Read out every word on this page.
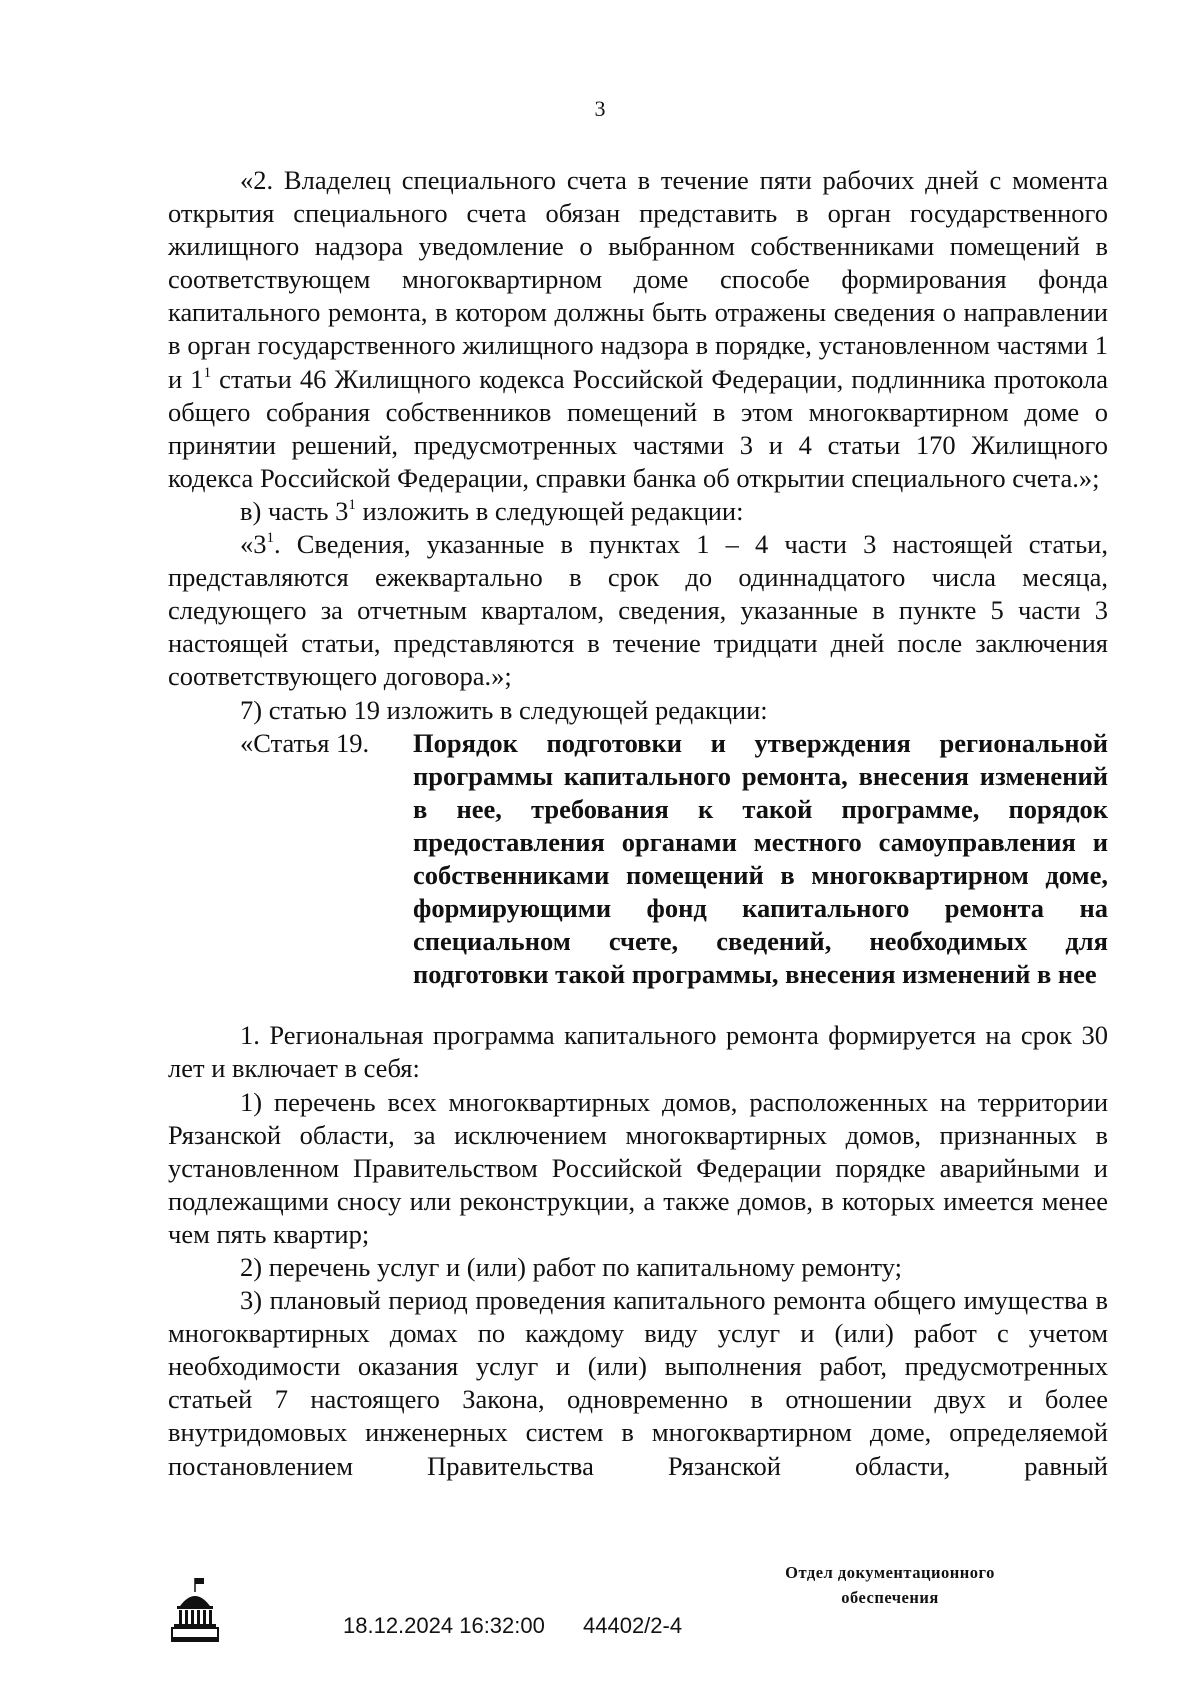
3

«2. Владелец специального счета в течение пяти рабочих дней с момента открытия специального счета обязан представить в орган государственного жилищного надзора уведомление о выбранном собственниками помещений в соответствующем многоквартирном доме способе формирования фонда капитального ремонта, в котором должны быть отражены сведения о направлении в орган государственного жилищного надзора в порядке, установленном частями 1 и $1^1$ статьи 46 Жилищного кодекса Российской Федерации, подлинника протокола общего собрания собственников помещений в этом многоквартирном доме о принятии решений, предусмотренных частями 3 и 4 статьи 170 Жилищного кодекса Российской Федерации, справки банка об открытии специального счета.»;

в) часть $3^1$ изложить в следующей редакции:

«$3^1$. Сведения, указанные в пунктах 1 – 4 части 3 настоящей статьи, представляются ежеквартально в срок до одиннадцатого числа месяца, следующего за отчетным кварталом, сведения, указанные в пункте 5 части 3 настоящей статьи, представляются в течение тридцати дней после заключения соответствующего договора.»;

7) статью 19 изложить в следующей редакции:

«Статья 19.	Порядок подготовки и утверждения региональной программы капитального ремонта, внесения изменений в нее, требования к такой программе, порядок предоставления органами местного самоуправления и собственниками помещений в многоквартирном доме, формирующими фонд капитального ремонта на специальном счете, сведений, необходимых для подготовки такой программы, внесения изменений в нее

1. Региональная программа капитального ремонта формируется на срок 30 лет и включает в себя:

1) перечень всех многоквартирных домов, расположенных на территории Рязанской области, за исключением многоквартирных домов, признанных в установленном Правительством Российской Федерации порядке аварийными и подлежащими сносу или реконструкции, а также домов, в которых имеется менее чем пять квартир;

2) перечень услуг и (или) работ по капитальному ремонту;

3) плановый период проведения капитального ремонта общего имущества в многоквартирных домах по каждому виду услуг и (или) работ с учетом необходимости оказания услуг и (или) выполнения работ, предусмотренных статьей 7 настоящего Закона, одновременно в отношении двух и более внутридомовых инженерных систем в многоквартирном доме, определяемой постановлением Правительства Рязанской области, равный

18.12.2024 16:32:00 44402/2-4
Отдел документационного
обеспечения
